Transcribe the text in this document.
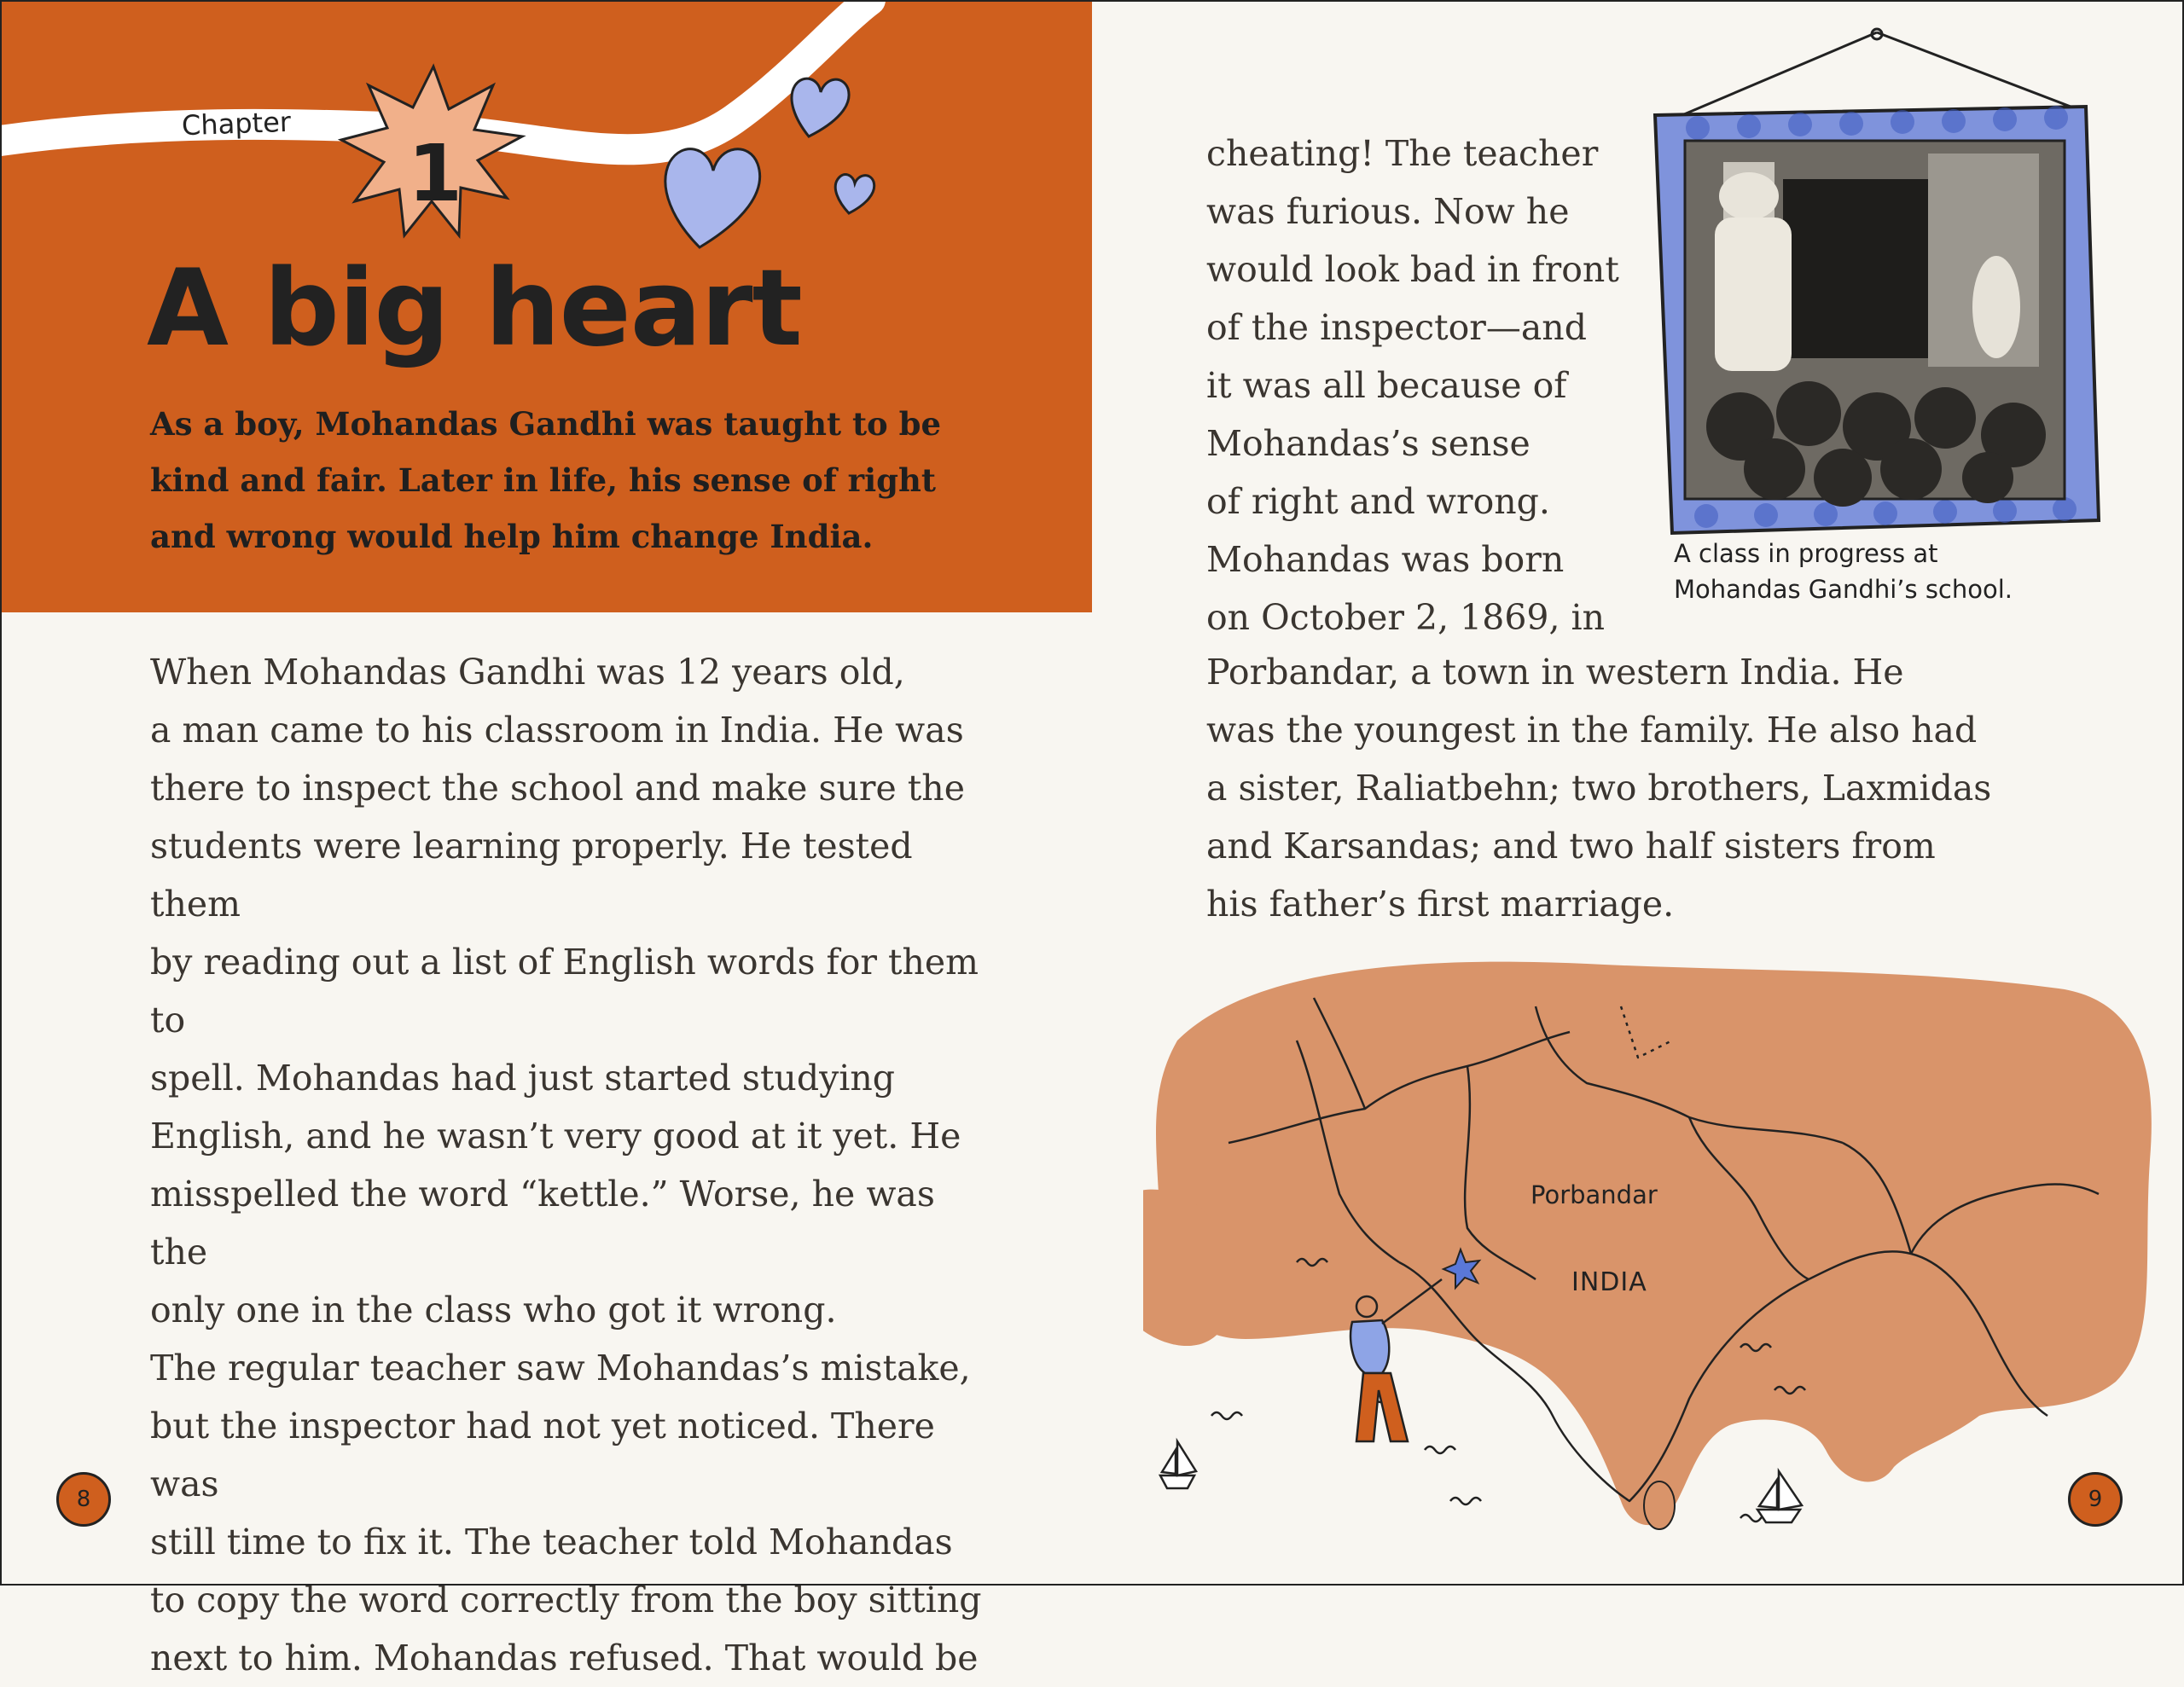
Chapter
1
A big heart

As a boy, Mohandas Gandhi was taught to be kind and fair. Later in life, his sense of right and wrong would help him change India.

When Mohandas Gandhi was 12 years old,
a man came to his classroom in India. He was
there to inspect the school and make sure the
students were learning properly. He tested them
by reading out a list of English words for them to
spell. Mohandas had just started studying
English, and he wasn’t very good at it yet. He
misspelled the word “kettle.” Worse, he was the
only one in the class who got it wrong.

The regular teacher saw Mohandas’s mistake,
but the inspector had not yet noticed. There was
still time to fix it. The teacher told Mohandas
to copy the word correctly from the boy sitting
next to him. Mohandas refused. That would be

cheating! The teacher
was furious. Now he
would look bad in front
of the inspector—and
it was all because of
Mohandas’s sense
of right and wrong.
Mohandas was born
on October 2, 1869, in

A class in progress at Mohandas Gandhi’s school.

Porbandar, a town in western India. He
was the youngest in the family. He also had
a sister, Raliatbehn; two brothers, Laxmidas
and Karsandas; and two half sisters from
his father’s first marriage.

Porbandar
INDIA
8	9
